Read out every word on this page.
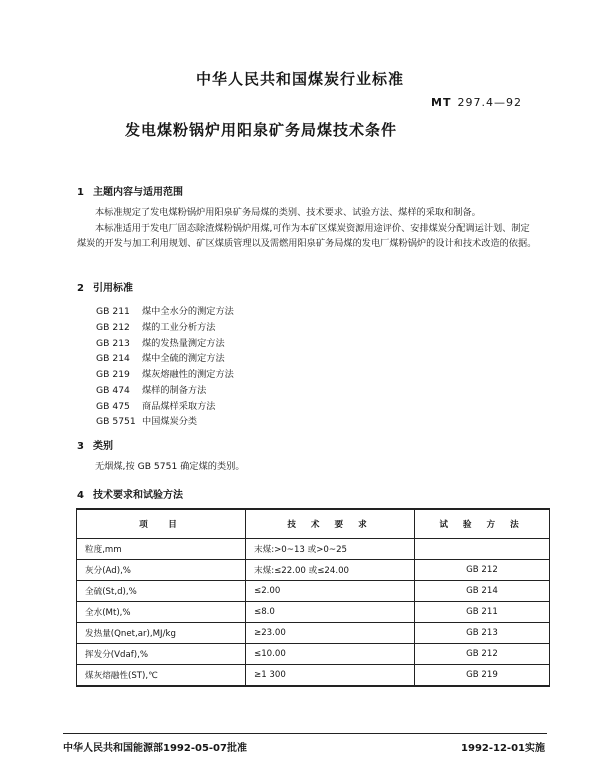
中华人民共和国煤炭行业标准
MT 297.4—92
发电煤粉锅炉用阳泉矿务局煤技术条件
1 主题内容与适用范围
本标准规定了发电煤粉锅炉用阳泉矿务局煤的类别、技术要求、试验方法、煤样的采取和制备。
本标准适用于发电厂固态除渣煤粉锅炉用煤,可作为本矿区煤炭资源用途评价、安排煤炭分配调运计划、制定煤炭的开发与加工利用规划、矿区煤质管理以及需燃用阳泉矿务局煤的发电厂煤粉锅炉的设计和技术改造的依据。
2 引用标准
GB 211 煤中全水分的测定方法
GB 212 煤的工业分析方法
GB 213 煤的发热量测定方法
GB 214 煤中全硫的测定方法
GB 219 煤灰熔融性的测定方法
GB 474 煤样的制备方法
GB 475 商品煤样采取方法
GB 5751 中国煤炭分类
3 类别
无烟煤,按 GB 5751 确定煤的类别。
4 技术要求和试验方法
项　目	技 术 要 求	试 验 方 法
粒度,mm	末煤:>0~13 或>0~25	
灰分(Ad),%	末煤:≤22.00 或≤24.00	GB 212
全硫(St,d),%	≤2.00	GB 214
全水(Mt),%	≤8.0	GB 211
发热量(Qnet,ar),MJ/kg	≥23.00	GB 213
挥发分(Vdaf),%	≤10.00	GB 212
煤灰熔融性(ST),℃	≥1 300	GB 219
中华人民共和国能源部1992-05-07批准	1992-12-01实施
